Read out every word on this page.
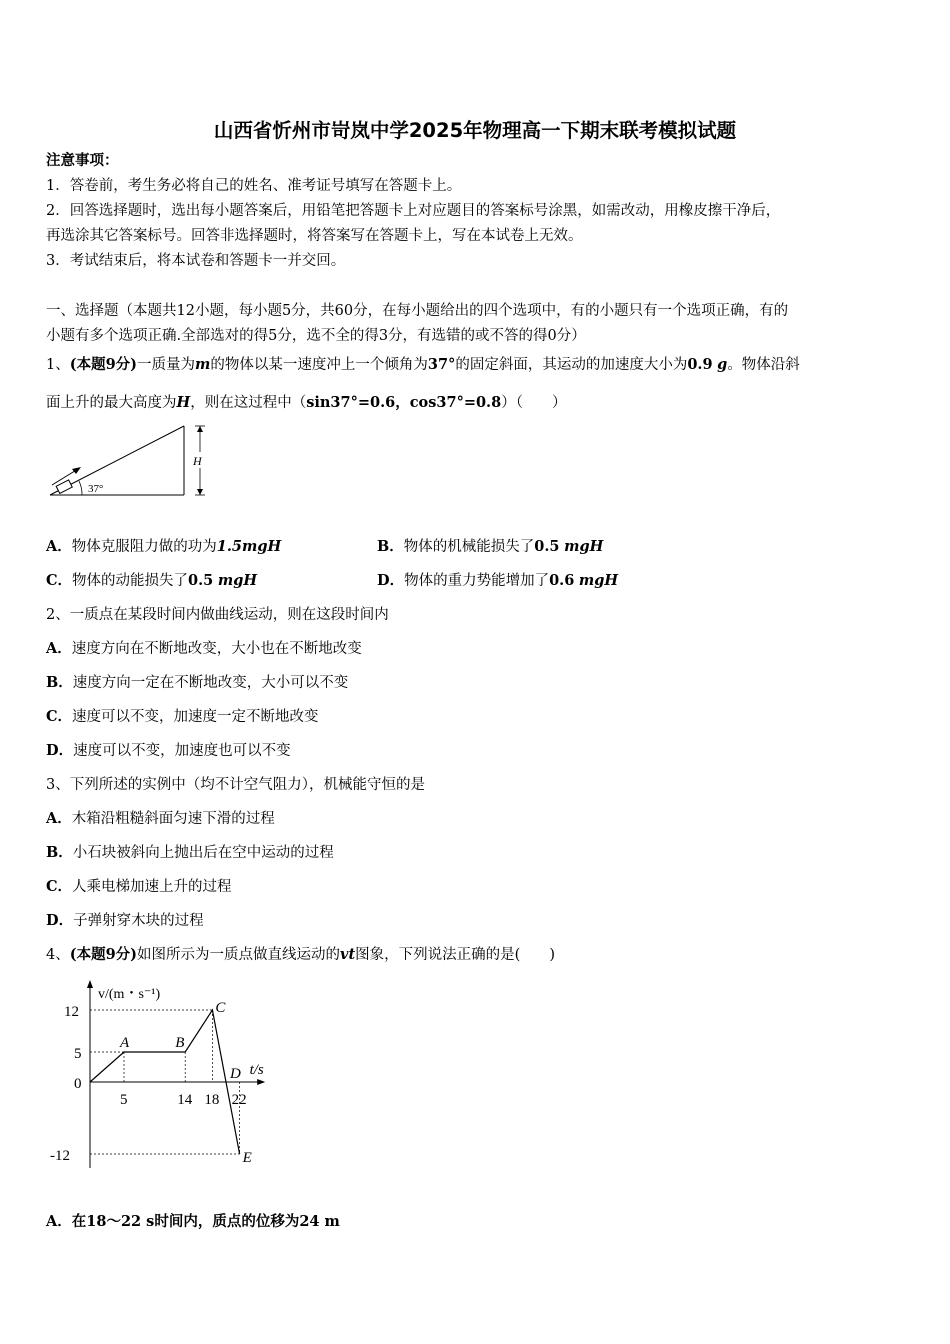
山西省忻州市岢岚中学2025年物理高一下期末联考模拟试题
注意事项：
1．答卷前，考生务必将自己的姓名、准考证号填写在答题卡上。
2．回答选择题时，选出每小题答案后，用铅笔把答题卡上对应题目的答案标号涂黑，如需改动，用橡皮擦干净后，
再选涂其它答案标号。回答非选择题时，将答案写在答题卡上，写在本试卷上无效。
3．考试结束后，将本试卷和答题卡一并交回。
一、选择题（本题共12小题，每小题5分，共60分，在每小题给出的四个选项中，有的小题只有一个选项正确，有的
小题有多个选项正确.全部选对的得5分，选不全的得3分，有选错的或不答的得0分）
1、(本题9分)一质量为m的物体以某一速度冲上一个倾角为37°的固定斜面，其运动的加速度大小为0.9 g。物体沿斜
面上升的最大高度为H，则在这过程中（sin37°=0.6，cos37°=0.8）（　　）
37°
H
A．物体克服阻力做的功为1.5mgH	B．物体的机械能损失了0.5 mgH
C．物体的动能损失了0.5 mgH	D．物体的重力势能增加了0.6 mgH
2、一质点在某段时间内做曲线运动，则在这段时间内
A．速度方向在不断地改变，大小也在不断地改变
B．速度方向一定在不断地改变，大小可以不变
C．速度可以不变，加速度一定不断地改变
D．速度可以不变，加速度也可以不变
3、下列所述的实例中（均不计空气阻力），机械能守恒的是
A．木箱沿粗糙斜面匀速下滑的过程
B．小石块被斜向上抛出后在空中运动的过程
C．人乘电梯加速上升的过程
D．子弹射穿木块的过程
4、(本题9分)如图所示为一质点做直线运动的vt图象，下列说法正确的是(　　)
v/(m・s⁻¹)
t/s
0
12
5
-12
5	14 18 22
A	B
C
D
E
A．在18～22 s时间内，质点的位移为24 m
